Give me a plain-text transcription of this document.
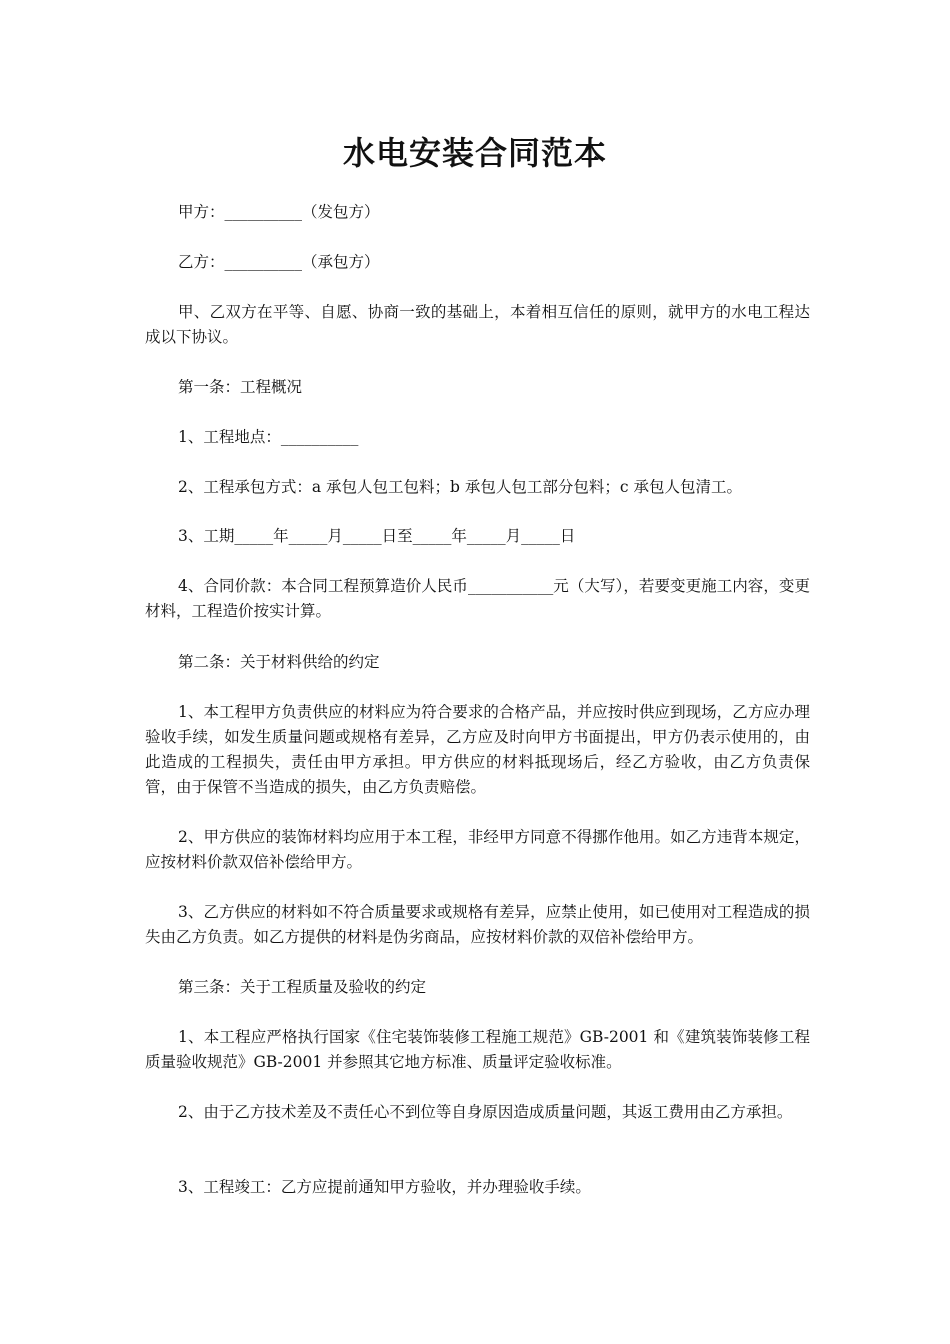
水电安装合同范本

甲方：__________（发包方）

乙方：__________（承包方）

甲、乙双方在平等、自愿、协商一致的基础上，本着相互信任的原则，就甲方的水电工程达成以下协议。

第一条：工程概况

1、工程地点：__________

2、工程承包方式：a 承包人包工包料；b 承包人包工部分包料；c 承包人包清工。

3、工期_____年_____月_____日至_____年_____月_____日

4、合同价款：本合同工程预算造价人民币___________元（大写），若要变更施工内容，变更材料，工程造价按实计算。

第二条：关于材料供给的约定

1、本工程甲方负责供应的材料应为符合要求的合格产品，并应按时供应到现场，乙方应办理验收手续，如发生质量问题或规格有差异，乙方应及时向甲方书面提出，甲方仍表示使用的，由此造成的工程损失，责任由甲方承担。甲方供应的材料抵现场后，经乙方验收，由乙方负责保管，由于保管不当造成的损失，由乙方负责赔偿。

2、甲方供应的装饰材料均应用于本工程，非经甲方同意不得挪作他用。如乙方违背本规定，应按材料价款双倍补偿给甲方。

3、乙方供应的材料如不符合质量要求或规格有差异，应禁止使用，如已使用对工程造成的损失由乙方负责。如乙方提供的材料是伪劣商品，应按材料价款的双倍补偿给甲方。

第三条：关于工程质量及验收的约定

1、本工程应严格执行国家《住宅装饰装修工程施工规范》GB-2001 和《建筑装饰装修工程质量验收规范》GB-2001 并参照其它地方标准、质量评定验收标准。

2、由于乙方技术差及不责任心不到位等自身原因造成质量问题，其返工费用由乙方承担。

3、工程竣工：乙方应提前通知甲方验收，并办理验收手续。
